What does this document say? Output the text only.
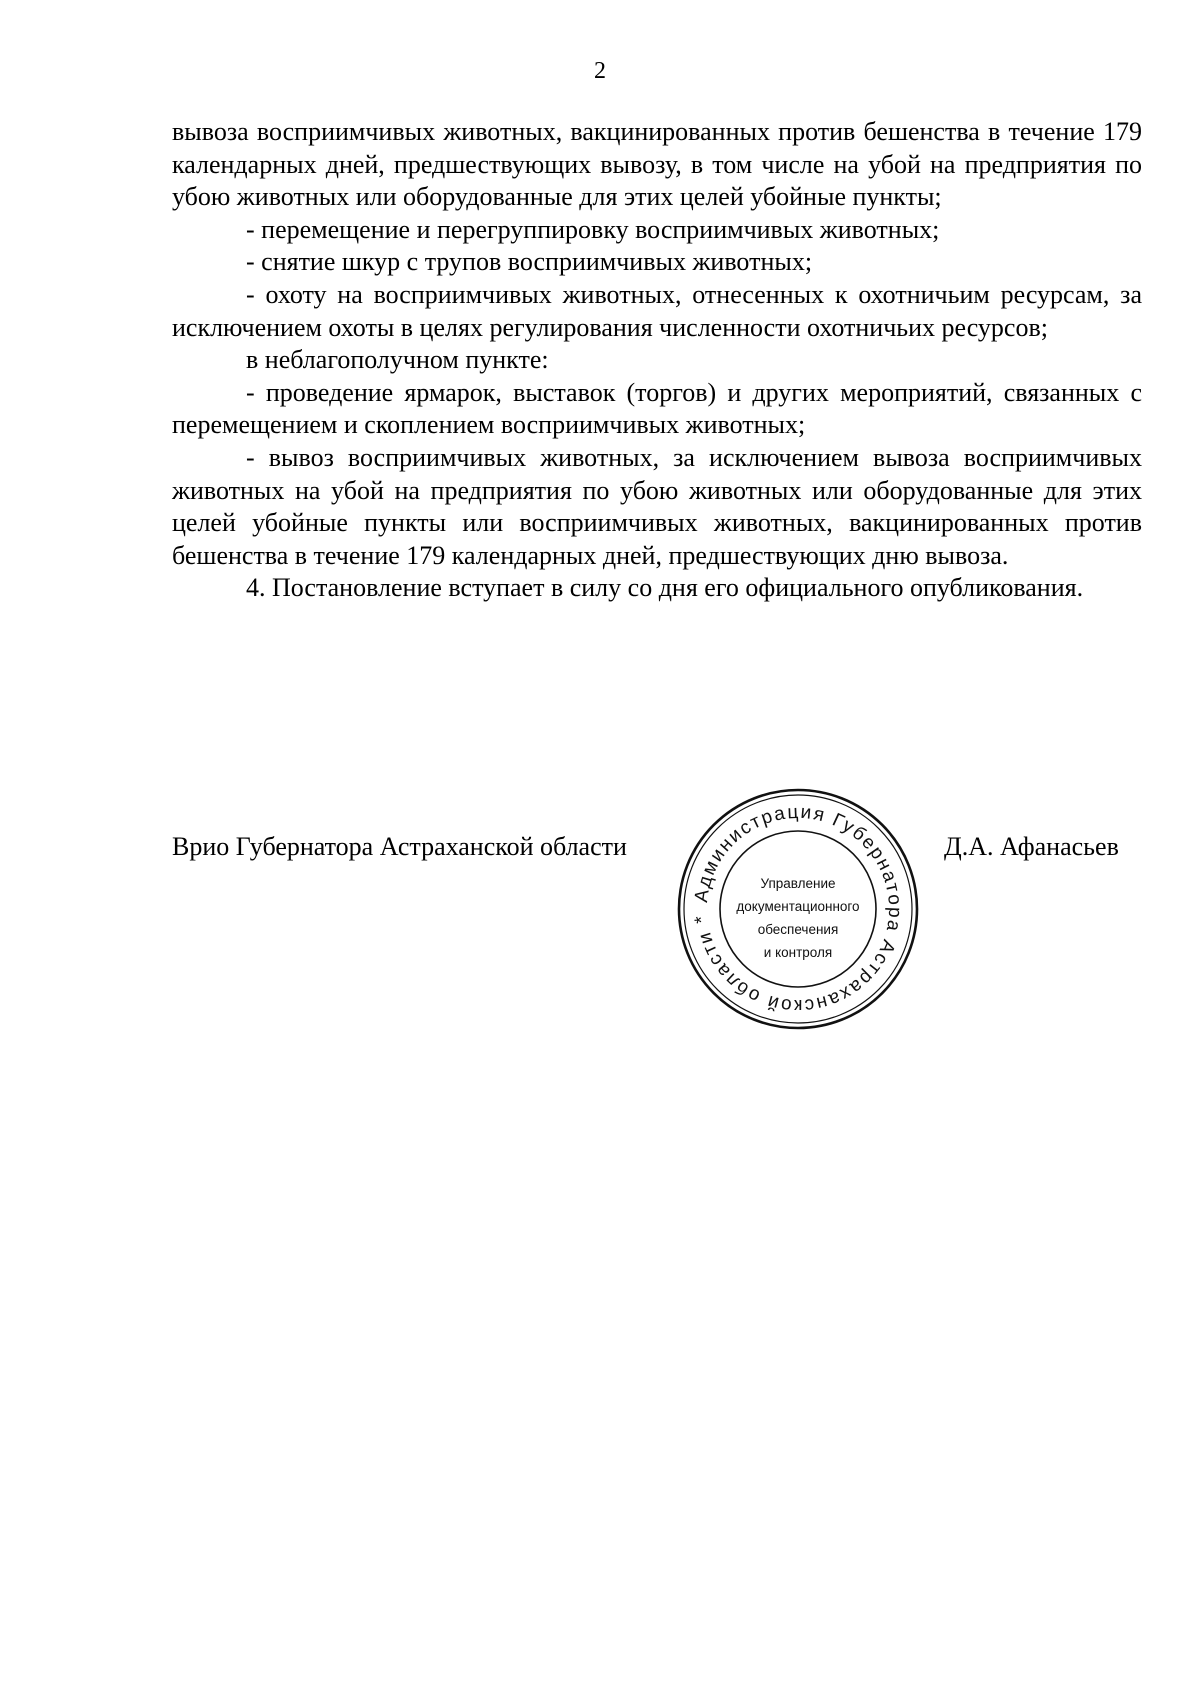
2

вывоза восприимчивых животных, вакцинированных против бешенства в течение 179 календарных дней, предшествующих вывозу, в том числе на убой на предприятия по убою животных или оборудованные для этих целей убойные пункты;

- перемещение и перегруппировку восприимчивых животных;

- снятие шкур с трупов восприимчивых животных;

- охоту на восприимчивых животных, отнесенных к охотничьим ресурсам, за исключением охоты в целях регулирования численности охотничьих ресурсов;

в неблагополучном пункте:

- проведение ярмарок, выставок (торгов) и других мероприятий, связанных с перемещением и скоплением восприимчивых животных;

- вывоз восприимчивых животных, за исключением вывоза восприимчивых животных на убой на предприятия по убою животных или оборудованные для этих целей убойные пункты или восприимчивых животных, вакцинированных против бешенства в течение 179 календарных дней, предшествующих дню вывоза.

4. Постановление вступает в силу со дня его официального опубликования.

Врио Губернатора Астраханской области	Д.А. Афанасьев
Администрация Губернатора Астраханской области *
Управление
документационного
обеспечения
и контроля
